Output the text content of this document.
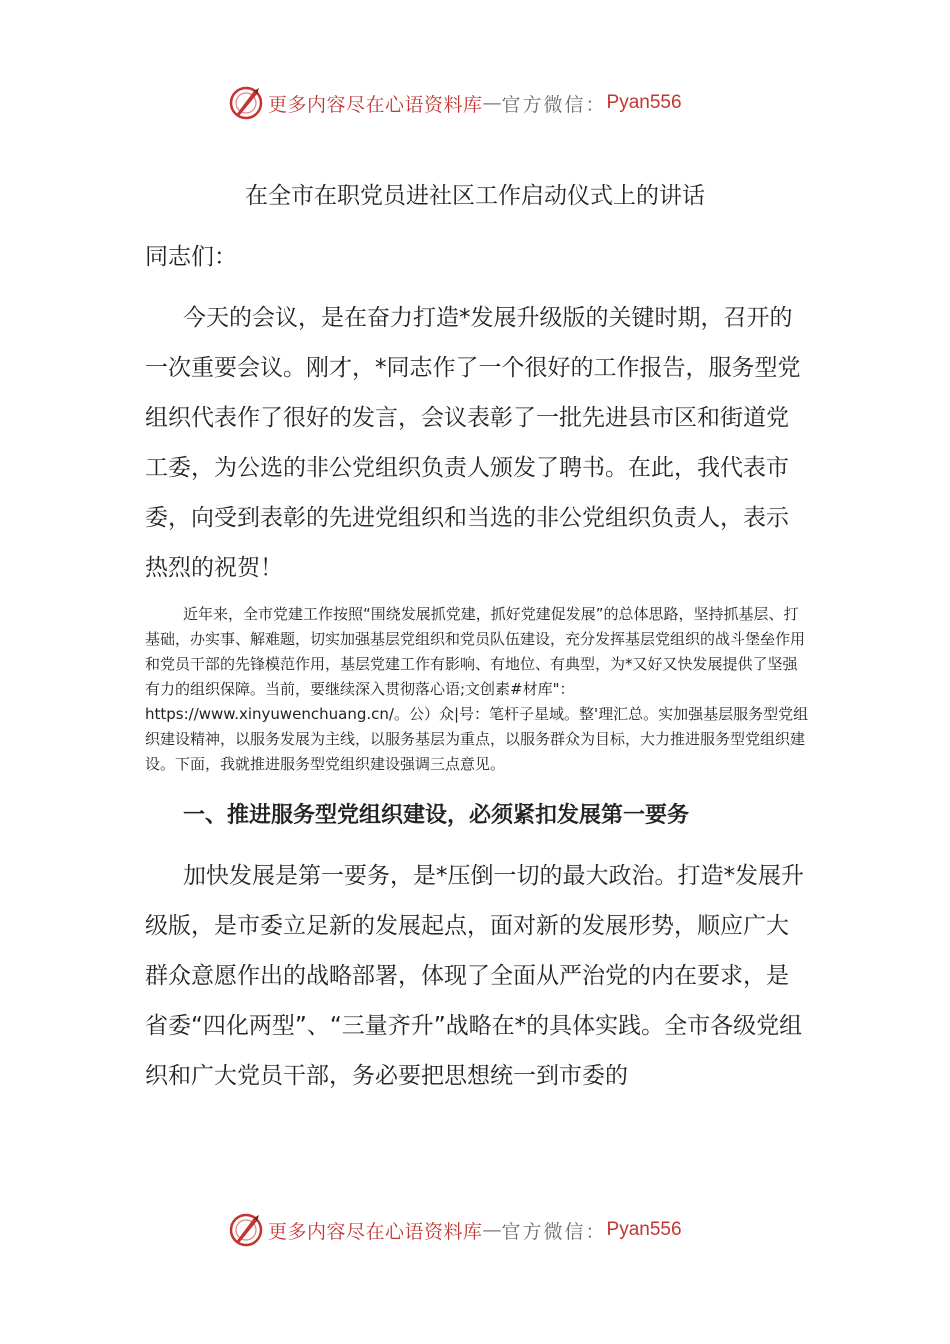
更多内容尽在心语资料库 — 官方微信： Pyan556
在全市在职党员进社区工作启动仪式上的讲话
同志们：

今天的会议，是在奋力打造*发展升级版的关键时期，召开的一次重要会议。刚才，*同志作了一个很好的工作报告，服务型党组织代表作了很好的发言，会议表彰了一批先进县市区和街道党工委，为公选的非公党组织负责人颁发了聘书。在此，我代表市委，向受到表彰的先进党组织和当选的非公党组织负责人，表示热烈的祝贺！

近年来，全市党建工作按照“围绕发展抓党建，抓好党建促发展”的总体思路，坚持抓基层、打基础，办实事、解难题，切实加强基层党组织和党员队伍建设，充分发挥基层党组织的战斗堡垒作用和党员干部的先锋模范作用，基层党建工作有影响、有地位、有典型，为*又好又快发展提供了坚强有力的组织保障。当前，要继续深入贯彻落心语;文创素#材库"：https://www.xinyuwenchuang.cn/。公）众|号：笔杆子星域。整'理汇总。实加强基层服务型党组织建设精神，以服务发展为主线，以服务基层为重点，以服务群众为目标，大力推进服务型党组织建设。下面，我就推进服务型党组织建设强调三点意见。

一、推进服务型党组织建设，必须紧扣发展第一要务

加快发展是第一要务，是*压倒一切的最大政治。打造*发展升级版，是市委立足新的发展起点，面对新的发展形势，顺应广大群众意愿作出的战略部署，体现了全面从严治党的内在要求，是省委“四化两型”、“三量齐升”战略在*的具体实践。全市各级党组织和广大党员干部，务必要把思想统一到市委的

更多内容尽在心语资料库 — 官方微信： Pyan556
